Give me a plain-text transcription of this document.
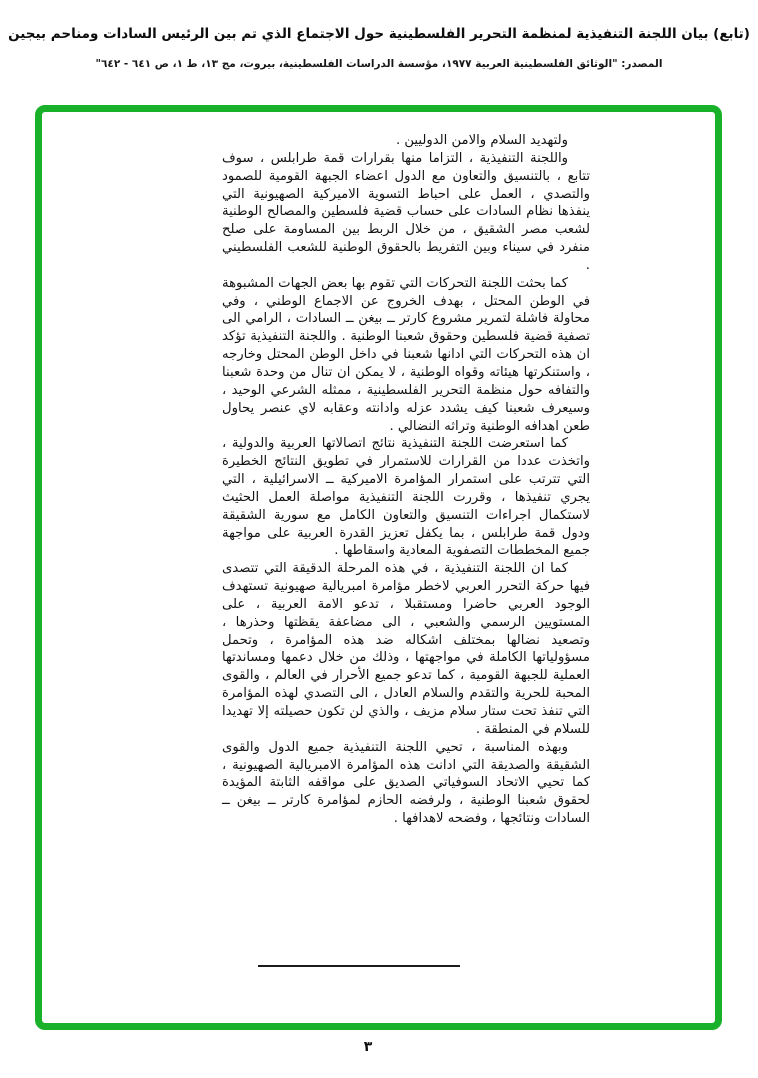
(تابع) بيان اللجنة التنفيذية لمنظمة التحرير الفلسطينية حول الاجتماع الذي تم بين الرئيس السادات ومناحم بيجين
المصدر: "الوثائق الفلسطينية العربية ١٩٧٧، مؤسسة الدراسات الفلسطينية، بيروت، مج ١٣، ط ١، ص ٦٤١ - ٦٤٢"

ولتهديد السلام والامن الدوليين .

واللجنة التنفيذية ، التزاما منها بقرارات قمة طرابلس ، سوف تتابع ، بالتنسيق والتعاون مع الدول اعضاء الجبهة القومية للصمود والتصدي ، العمل على احباط التسوية الاميركية الصهيونية التي ينفذها نظام السادات على حساب قضية فلسطين والمصالح الوطنية لشعب مصر الشقيق ، من خلال الربط بين المساومة على صلح منفرد في سيناء وبين التفريط بالحقوق الوطنية للشعب الفلسطيني .

كما بحثت اللجنة التحركات التي تقوم بها بعض الجهات المشبوهة في الوطن المحتل ، بهدف الخروج عن الاجماع الوطني ، وفي محاولة فاشلة لتمرير مشروع كارتر ــ بيغن ــ السادات ، الرامي الى تصفية قضية فلسطين وحقوق شعبنا الوطنية . واللجنة التنفيذية تؤكد ان هذه التحركات التي ادانها شعبنا في داخل الوطن المحتل وخارجه ، واستنكرتها هيئاته وقواه الوطنية ، لا يمكن ان تنال من وحدة شعبنا والتفافه حول منظمة التحرير الفلسطينية ، ممثله الشرعي الوحيد ، وسيعرف شعبنا كيف يشدد عزله وادانته وعقابه لاي عنصر يحاول طعن اهدافه الوطنية وتراثه النضالي .

كما استعرضت اللجنة التنفيذية نتائج اتصالاتها العربية والدولية ، واتخذت عددا من القرارات للاستمرار في تطويق النتائج الخطيرة التي تترتب على استمرار المؤامرة الاميركية ــ الاسرائيلية ، التي يجري تنفيذها ، وقررت اللجنة التنفيذية مواصلة العمل الحثيث لاستكمال اجراءات التنسيق والتعاون الكامل مع سورية الشقيقة ودول قمة طرابلس ، بما يكفل تعزيز القدرة العربية على مواجهة جميع المخططات التصفوية المعادية واسقاطها .

كما ان اللجنة التنفيذية ، في هذه المرحلة الدقيقة التي تتصدى فيها حركة التحرر العربي لاخطر مؤامرة امبريالية صهيونية تستهدف الوجود العربي حاضرا ومستقبلا ، تدعو الامة العربية ، على المستويين الرسمي والشعبي ، الى مضاعفة يقظتها وحذرها ، وتصعيد نضالها بمختلف اشكاله ضد هذه المؤامرة ، وتحمل مسؤولياتها الكاملة في مواجهتها ، وذلك من خلال دعمها ومساندتها العملية للجبهة القومية ، كما تدعو جميع الأحرار في العالم ، والقوى المحبة للحرية والتقدم والسلام العادل ، الى التصدي لهذه المؤامرة التي تنفذ تحت ستار سلام مزيف ، والذي لن تكون حصيلته إلا تهديدا للسلام في المنطقة .

وبهذه المناسبة ، تحيي اللجنة التنفيذية جميع الدول والقوى الشقيقة والصديقة التي ادانت هذه المؤامرة الامبريالية الصهيونية ، كما تحيي الاتحاد السوفياتي الصديق على مواقفه الثابتة المؤيدة لحقوق شعبنا الوطنية ، ولرفضه الحازم لمؤامرة كارتر ــ بيغن ــ السادات ونتائجها ، وفضحه لاهدافها .

٣
